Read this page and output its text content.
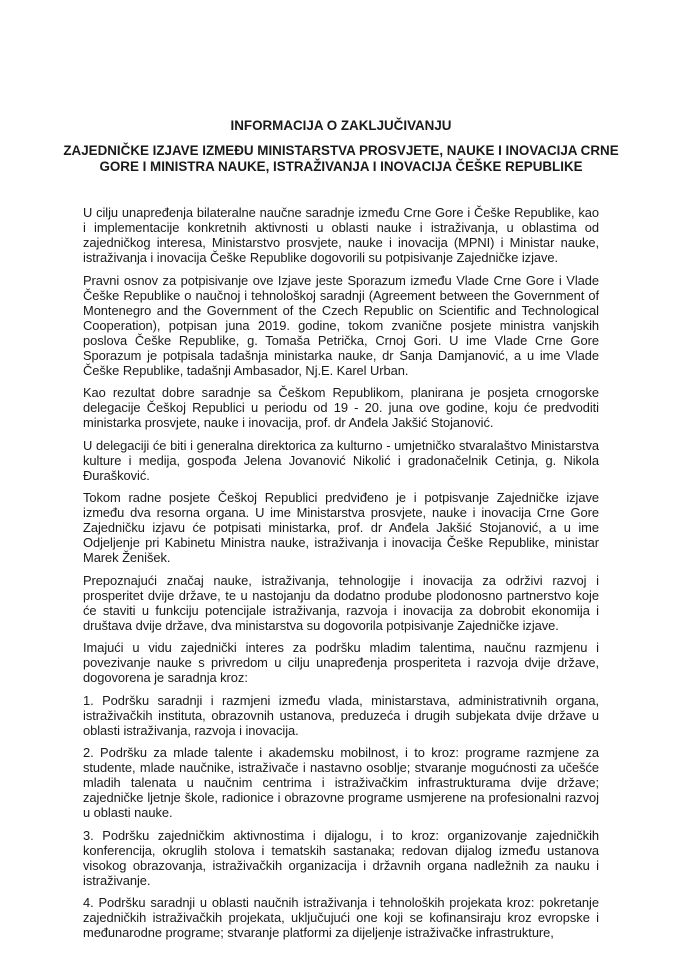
INFORMACIJA O ZAKLJUČIVANJU
ZAJEDNIČKE IZJAVE IZMEĐU MINISTARSTVA PROSVJETE, NAUKE I INOVACIJA CRNE GORE I MINISTRA NAUKE, ISTRAŽIVANJA I INOVACIJA ČEŠKE REPUBLIKE

U cilju unapređenja bilateralne naučne saradnje između Crne Gore i Češke Republike, kao i implementacije konkretnih aktivnosti u oblasti nauke i istraživanja, u oblastima od zajedničkog interesa, Ministarstvo prosvjete, nauke i inovacija (MPNI) i Ministar nauke, istraživanja i inovacija Češke Republike dogovorili su potpisivanje Zajedničke izjave.

Pravni osnov za potpisivanje ove Izjave jeste Sporazum između Vlade Crne Gore i Vlade Češke Republike o naučnoj i tehnološkoj saradnji (Agreement between the Government of Montenegro and the Government of the Czech Republic on Scientific and Technological Cooperation), potpisan juna 2019. godine, tokom zvanične posjete ministra vanjskih poslova Češke Republike, g. Tomaša Petrička, Crnoj Gori. U ime Vlade Crne Gore Sporazum je potpisala tadašnja ministarka nauke, dr Sanja Damjanović, a u ime Vlade Češke Republike, tadašnji Ambasador, Nj.E. Karel Urban.

Kao rezultat dobre saradnje sa Češkom Republikom, planirana je posjeta crnogorske delegacije Češkoj Republici u periodu od 19 - 20. juna ove godine, koju će predvoditi ministarka prosvjete, nauke i inovacija, prof. dr Anđela Jakšić Stojanović.

U delegaciji će biti i generalna direktorica za kulturno - umjetničko stvaralaštvo Ministarstva kulture i medija, gospođa Jelena Jovanović Nikolić i gradonačelnik Cetinja, g. Nikola Đurašković.

Tokom radne posjete Češkoj Republici predviđeno je i potpisvanje Zajedničke izjave između dva resorna organa. U ime Ministarstva prosvjete, nauke i inovacija Crne Gore Zajedničku izjavu će potpisati ministarka, prof. dr Anđela Jakšić Stojanović, a u ime Odjeljenje pri Kabinetu Ministra nauke, istraživanja i inovacija Češke Republike, ministar Marek Ženišek.

Prepoznajući značaj nauke, istraživanja, tehnologije i inovacija za održivi razvoj i prosperitet dvije države, te u nastojanju da dodatno prodube plodonosno partnerstvo koje će staviti u funkciju potencijale istraživanja, razvoja i inovacija za dobrobit ekonomija i društava dvije države, dva ministarstva su dogovorila potpisivanje Zajedničke izjave.

Imajući u vidu zajednički interes za podršku mladim talentima, naučnu razmjenu i povezivanje nauke s privredom u cilju unapređenja prosperiteta i razvoja dvije države, dogovorena je saradnja kroz:

1. Podršku saradnji i razmjeni između vlada, ministarstava, administrativnih organa, istraživačkih instituta, obrazovnih ustanova, preduzeća i drugih subjekata dvije države u oblasti istraživanja, razvoja i inovacija.

2. Podršku za mlade talente i akademsku mobilnost, i to kroz: programe razmjene za studente, mlade naučnike, istraživače i nastavno osoblje; stvaranje mogućnosti za učešće mladih talenata u naučnim centrima i istraživačkim infrastrukturama dvije države; zajedničke ljetnje škole, radionice i obrazovne programe usmjerene na profesionalni razvoj u oblasti nauke.

3. Podršku zajedničkim aktivnostima i dijalogu, i to kroz: organizovanje zajedničkih konferencija, okruglih stolova i tematskih sastanaka; redovan dijalog između ustanova visokog obrazovanja, istraživačkih organizacija i državnih organa nadležnih za nauku i istraživanje.

4. Podršku saradnji u oblasti naučnih istraživanja i tehnoloških projekata kroz: pokretanje zajedničkih istraživačkih projekata, uključujući one koji se kofinansiraju kroz evropske i međunarodne programe; stvaranje platformi za dijeljenje istraživačke infrastrukture,
